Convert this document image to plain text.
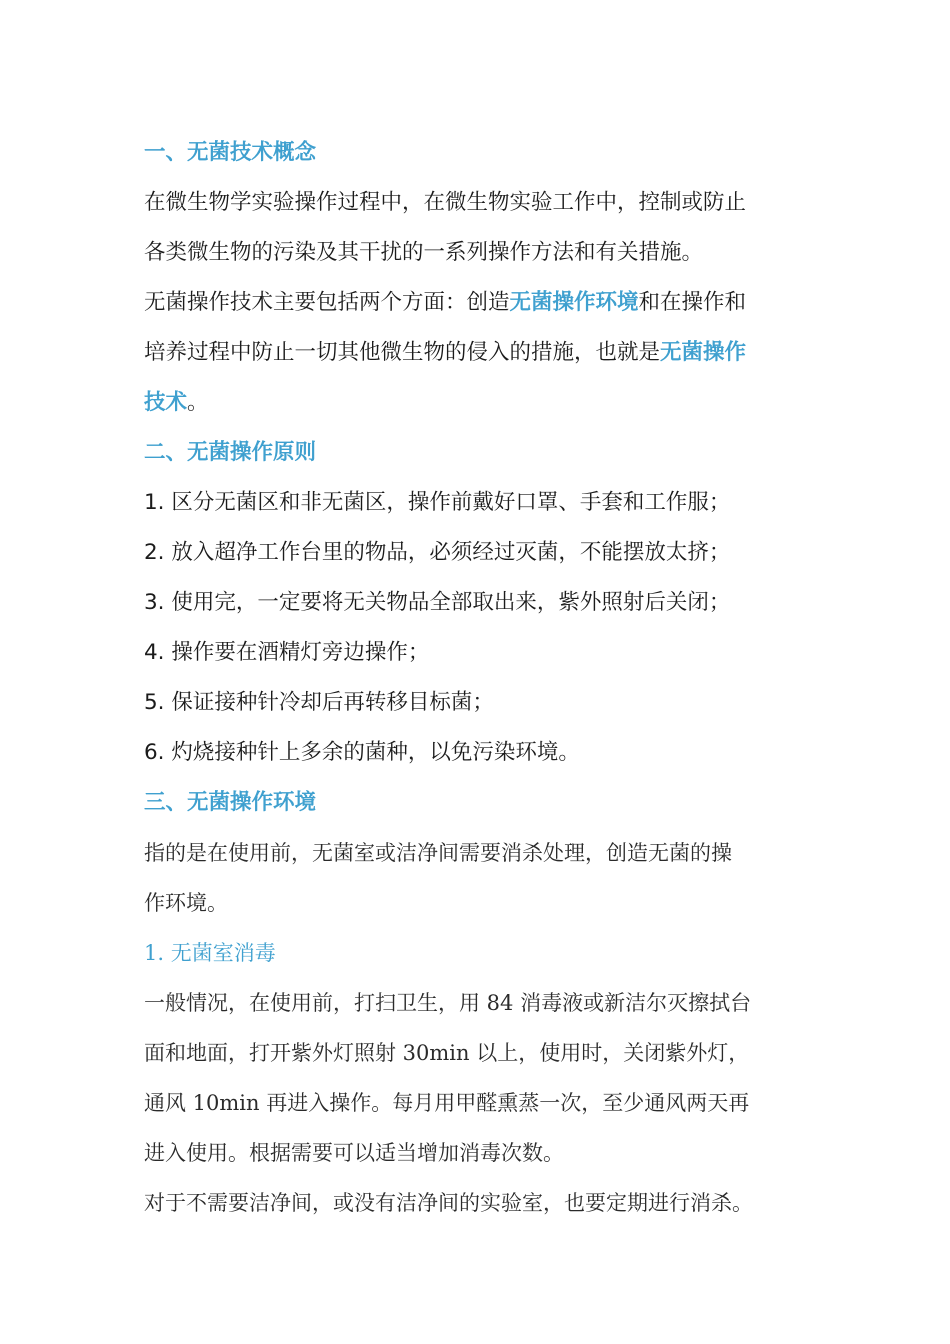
一、无菌技术概念
在微生物学实验操作过程中，在微生物实验工作中，控制或防止
各类微生物的污染及其干扰的一系列操作方法和有关措施。
无菌操作技术主要包括两个方面：创造无菌操作环境和在操作和
培养过程中防止一切其他微生物的侵入的措施，也就是无菌操作
技术。
二、无菌操作原则
1. 区分无菌区和非无菌区，操作前戴好口罩、手套和工作服；
2. 放入超净工作台里的物品，必须经过灭菌，不能摆放太挤；
3. 使用完，一定要将无关物品全部取出来，紫外照射后关闭；
4. 操作要在酒精灯旁边操作；
5. 保证接种针冷却后再转移目标菌；
6. 灼烧接种针上多余的菌种，以免污染环境。
三、无菌操作环境
指的是在使用前，无菌室或洁净间需要消杀处理，创造无菌的操
作环境。
1. 无菌室消毒
一般情况，在使用前，打扫卫生，用 84 消毒液或新洁尔灭擦拭台
面和地面，打开紫外灯照射 30min 以上，使用时，关闭紫外灯，
通风 10min 再进入操作。每月用甲醛熏蒸一次，至少通风两天再
进入使用。根据需要可以适当增加消毒次数。
对于不需要洁净间，或没有洁净间的实验室，也要定期进行消杀。
